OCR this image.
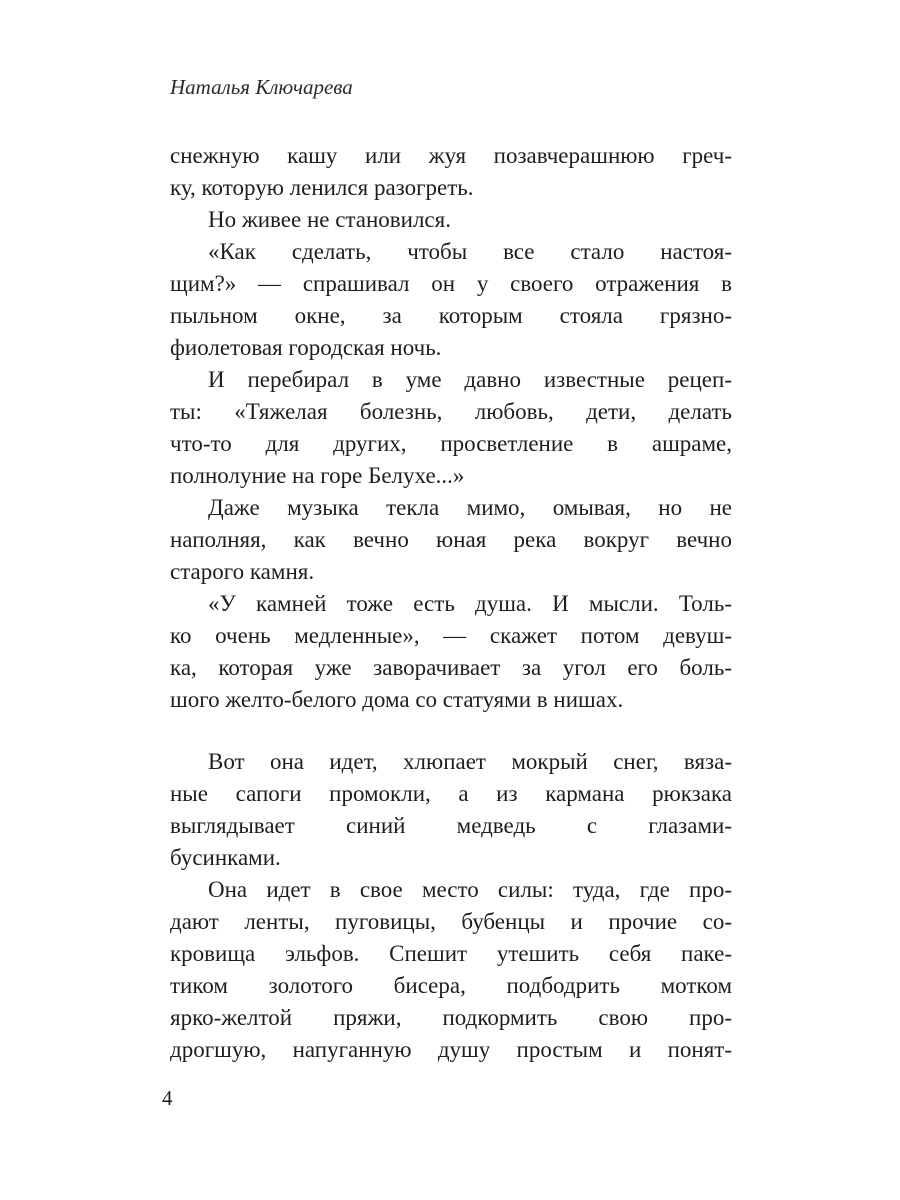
Наталья Ключарева
снежную кашу или жуя позавчерашнюю греч-
ку, которую ленился разогреть.
Но живее не становился.
«Как сделать, чтобы все стало настоя-
щим?» — спрашивал он у своего отражения в
пыльном окне, за которым стояла грязно-
фиолетовая городская ночь.
И перебирал в уме давно известные рецеп-
ты: «Тяжелая болезнь, любовь, дети, делать
что-то для других, просветление в ашраме,
полнолуние на горе Белухе...»
Даже музыка текла мимо, омывая, но не
наполняя, как вечно юная река вокруг вечно
старого камня.
«У камней тоже есть душа. И мысли. Толь-
ко очень медленные», — скажет потом девуш-
ка, которая уже заворачивает за угол его боль-
шого желто-белого дома со статуями в нишах.
Вот она идет, хлюпает мокрый снег, вяза-
ные сапоги промокли, а из кармана рюкзака
выглядывает синий медведь с глазами-
бусинками.
Она идет в свое место силы: туда, где про-
дают ленты, пуговицы, бубенцы и прочие со-
кровища эльфов. Спешит утешить себя паке-
тиком золотого бисера, подбодрить мотком
ярко-желтой пряжи, подкормить свою про-
дрогшую, напуганную душу простым и понят-
4
